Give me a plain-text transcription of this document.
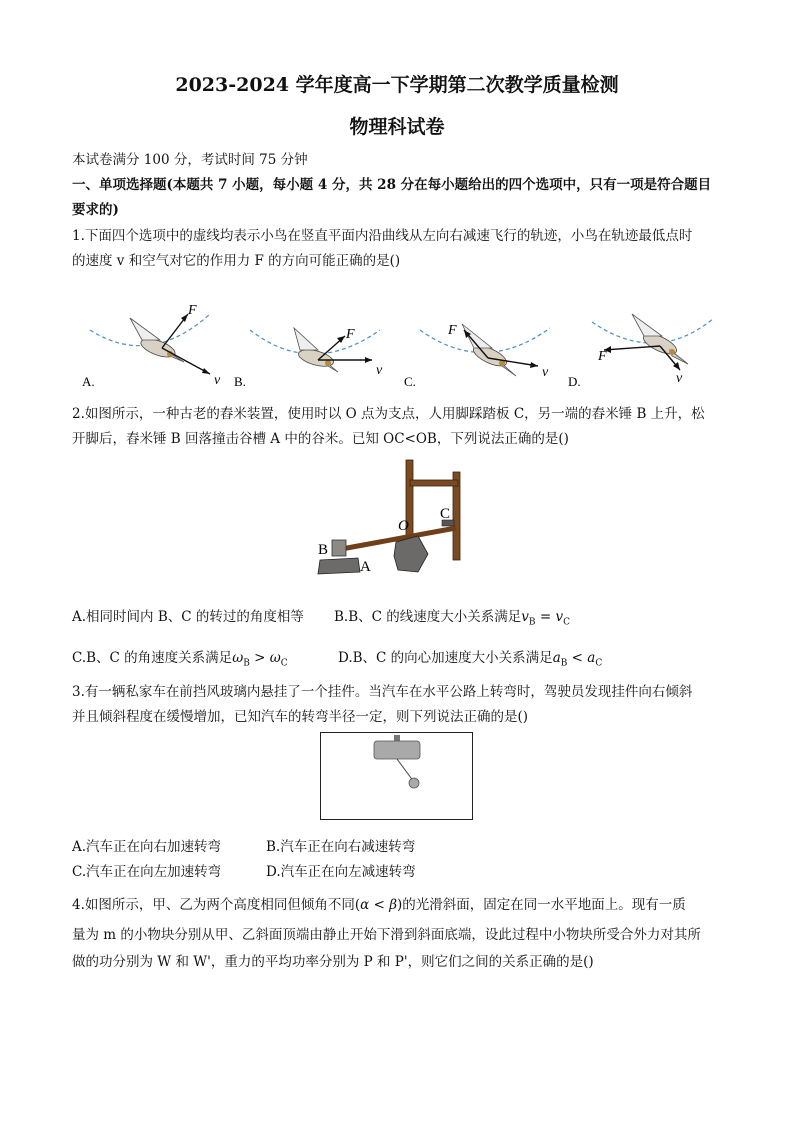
2023-2024 学年度高一下学期第二次教学质量检测
物理科试卷
本试卷满分 100 分，考试时间 75 分钟
一、单项选择题(本题共 7 小题，每小题 4 分，共 28 分在每小题给出的四个选项中，只有一项是符合题目
要求的)
1.下面四个选项中的虚线均表示小鸟在竖直平面内沿曲线从左向右减速飞行的轨迹，小鸟在轨迹最低点时
的速度 v 和空气对它的作用力 F 的方向可能正确的是()
F
v
A.
F
v
B.
F
v
C.
F
v
D.
2.如图所示，一种古老的舂米装置，使用时以 O 点为支点，人用脚踩踏板 C，另一端的舂米锤 B 上升，松
开脚后，舂米锤 B 回落撞击谷槽 A 中的谷米。已知 OC<OB，下列说法正确的是()
O
C
B
A
A.相同时间内 B、C 的转过的角度相等 B.B、C 的线速度大小关系满足$v_B = v_C$
C.B、C 的角速度关系满足$\omega_B > \omega_C$	D.B、C 的向心加速度大小关系满足$a_B < a_C$
3.有一辆私家车在前挡风玻璃内悬挂了一个挂件。当汽车在水平公路上转弯时，驾驶员发现挂件向右倾斜
并且倾斜程度在缓慢增加，已知汽车的转弯半径一定，则下列说法正确的是()
A.汽车正在向右加速转弯	B.汽车正在向右减速转弯
C.汽车正在向左加速转弯	D.汽车正在向左减速转弯
4.如图所示，甲、乙为两个高度相同但倾角不同(α < β)的光滑斜面，固定在同一水平地面上。现有一质
量为 m 的小物块分别从甲、乙斜面顶端由静止开始下滑到斜面底端，设此过程中小物块所受合外力对其所
做的功分别为 W 和 W'，重力的平均功率分别为 P 和 P'，则它们之间的关系正确的是()
